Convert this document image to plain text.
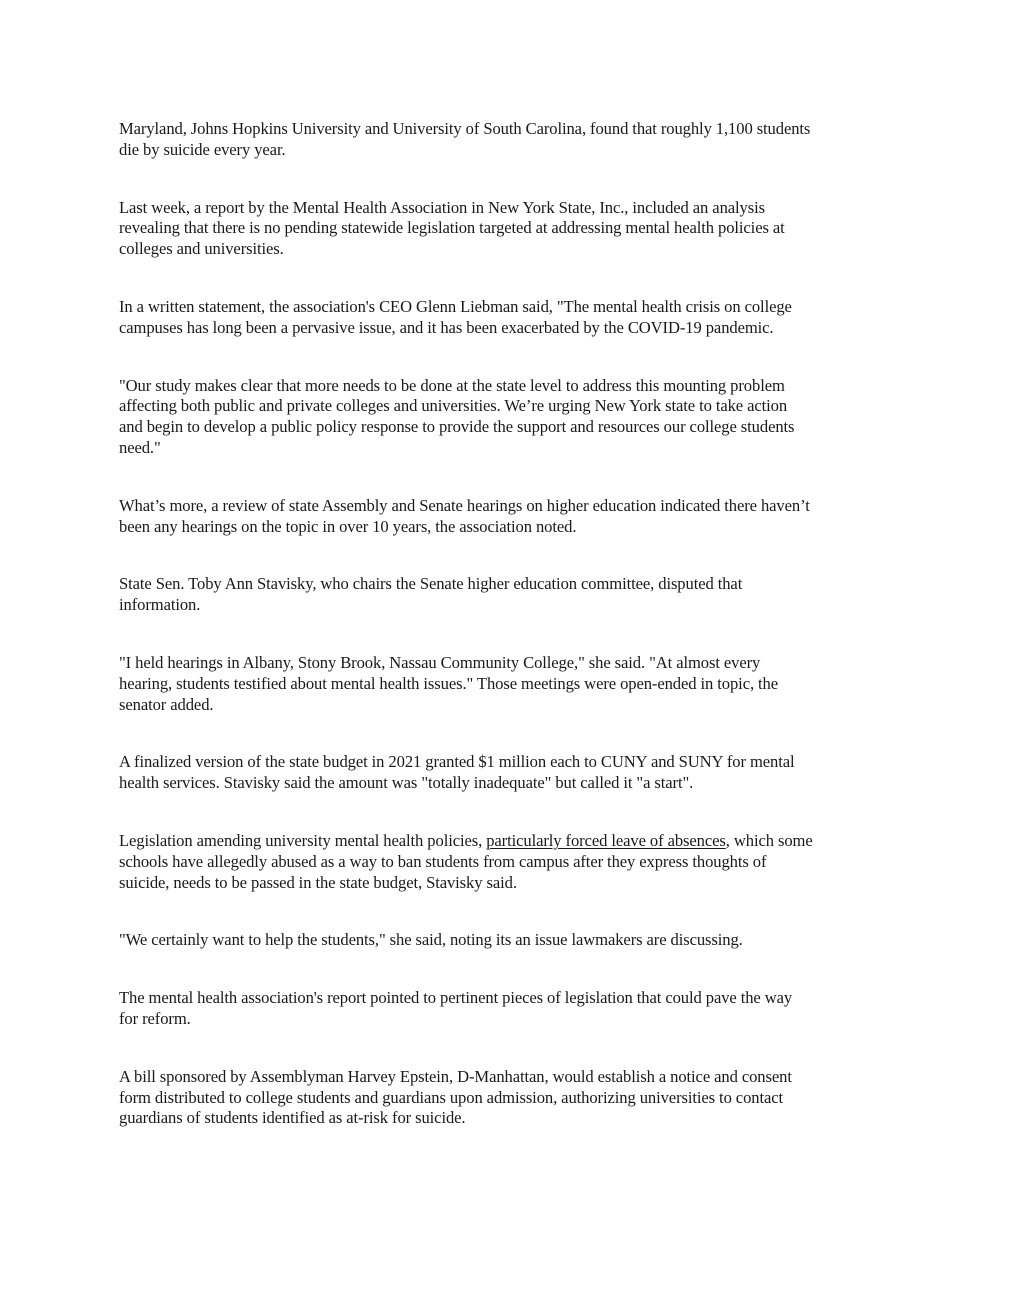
Maryland, Johns Hopkins University and University of South Carolina, found that roughly 1,100 students
die by suicide every year.

Last week, a report by the Mental Health Association in New York State, Inc., included an analysis
revealing that there is no pending statewide legislation targeted at addressing mental health policies at
colleges and universities.

In a written statement, the association's CEO Glenn Liebman said, "The mental health crisis on college
campuses has long been a pervasive issue, and it has been exacerbated by the COVID-19 pandemic.

"Our study makes clear that more needs to be done at the state level to address this mounting problem
affecting both public and private colleges and universities. We’re urging New York state to take action
and begin to develop a public policy response to provide the support and resources our college students
need."

What’s more, a review of state Assembly and Senate hearings on higher education indicated there haven’t
been any hearings on the topic in over 10 years, the association noted.

State Sen. Toby Ann Stavisky, who chairs the Senate higher education committee, disputed that
information.

"I held hearings in Albany, Stony Brook, Nassau Community College," she said. "At almost every
hearing, students testified about mental health issues." Those meetings were open-ended in topic, the
senator added.

A finalized version of the state budget in 2021 granted $1 million each to CUNY and SUNY for mental
health services. Stavisky said the amount was "totally inadequate" but called it "a start".

Legislation amending university mental health policies, particularly forced leave of absences, which some
schools have allegedly abused as a way to ban students from campus after they express thoughts of
suicide, needs to be passed in the state budget, Stavisky said.

"We certainly want to help the students," she said, noting its an issue lawmakers are discussing.

The mental health association's report pointed to pertinent pieces of legislation that could pave the way
for reform.

A bill sponsored by Assemblyman Harvey Epstein, D-Manhattan, would establish a notice and consent
form distributed to college students and guardians upon admission, authorizing universities to contact
guardians of students identified as at-risk for suicide.
